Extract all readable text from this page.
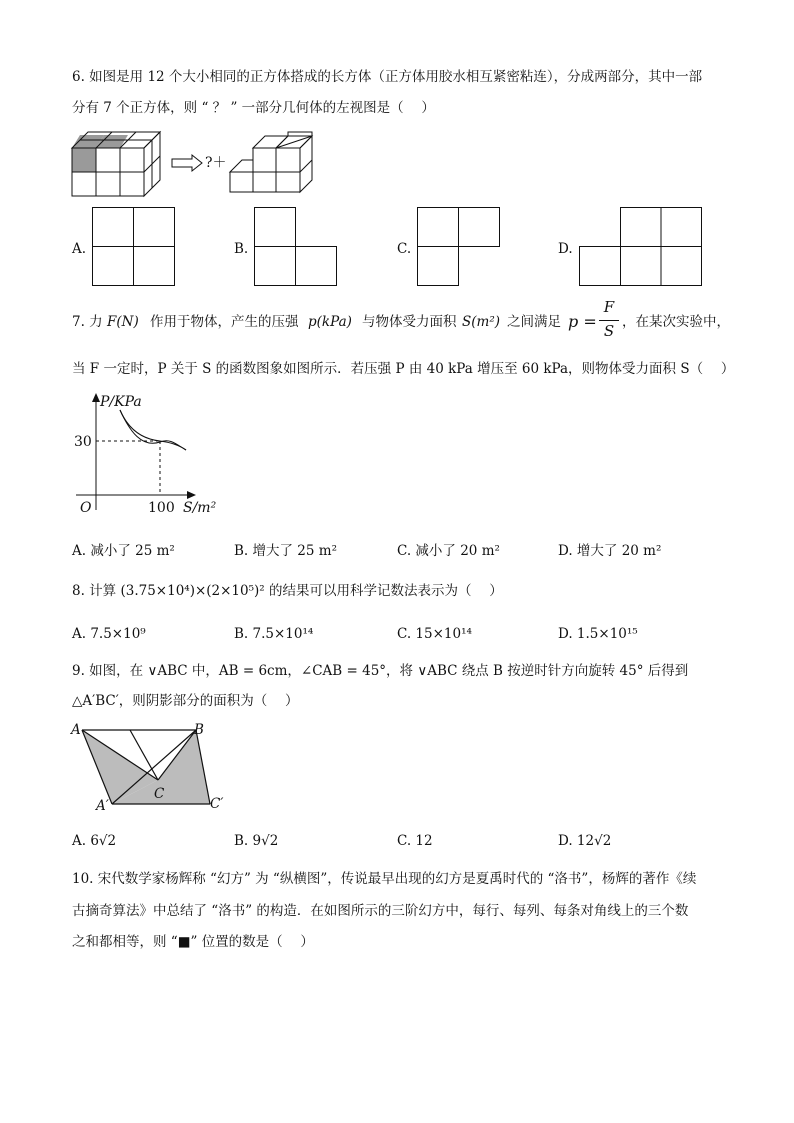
6. 如图是用 12 个大小相同的正方体搭成的长方体（正方体用胶水相互紧密粘连），分成两部分，其中一部
分有 7 个正方体，则 “ ？ ” 一部分几何体的左视图是（　 ）
?＋
A.	B.	C.	D.
7. 力 F(N) 作用于物体，产生的压强 p(kPa) 与物体受力面积 S(m²) 之间满足 p =
F
S ，在某次实验中，
当 F 一定时，P 关于 S 的函数图象如图所示．若压强 P 由 40 kPa 增压至 60 kPa，则物体受力面积 S（　 ）
P/KPa
S/m²
O
30
100
A. 减小了 25 m²	B. 增大了 25 m²	C. 减小了 20 m²	D. 增大了 20 m²
8. 计算 (3.75×10⁴)×(2×10⁵)² 的结果可以用科学记数法表示为（　 ）
A. 7.5×10⁹	B. 7.5×10¹⁴	C. 15×10¹⁴	D. 1.5×10¹⁵
9. 如图，在 ∨ABC 中，AB = 6cm，∠CAB = 45°，将 ∨ABC 绕点 B 按逆时针方向旋转 45° 后得到
△A′BC′，则阴影部分的面积为（　 ）
A	B
C
A′	C′
A. 6√2	B. 9√2	C. 12	D. 12√2
10. 宋代数学家杨辉称 “幻方” 为 “纵横图”，传说最早出现的幻方是夏禹时代的 “洛书”，杨辉的著作《续
古摘奇算法》中总结了 “洛书” 的构造．在如图所示的三阶幻方中，每行、每列、每条对角线上的三个数
之和都相等，则 “■” 位置的数是（　 ）
